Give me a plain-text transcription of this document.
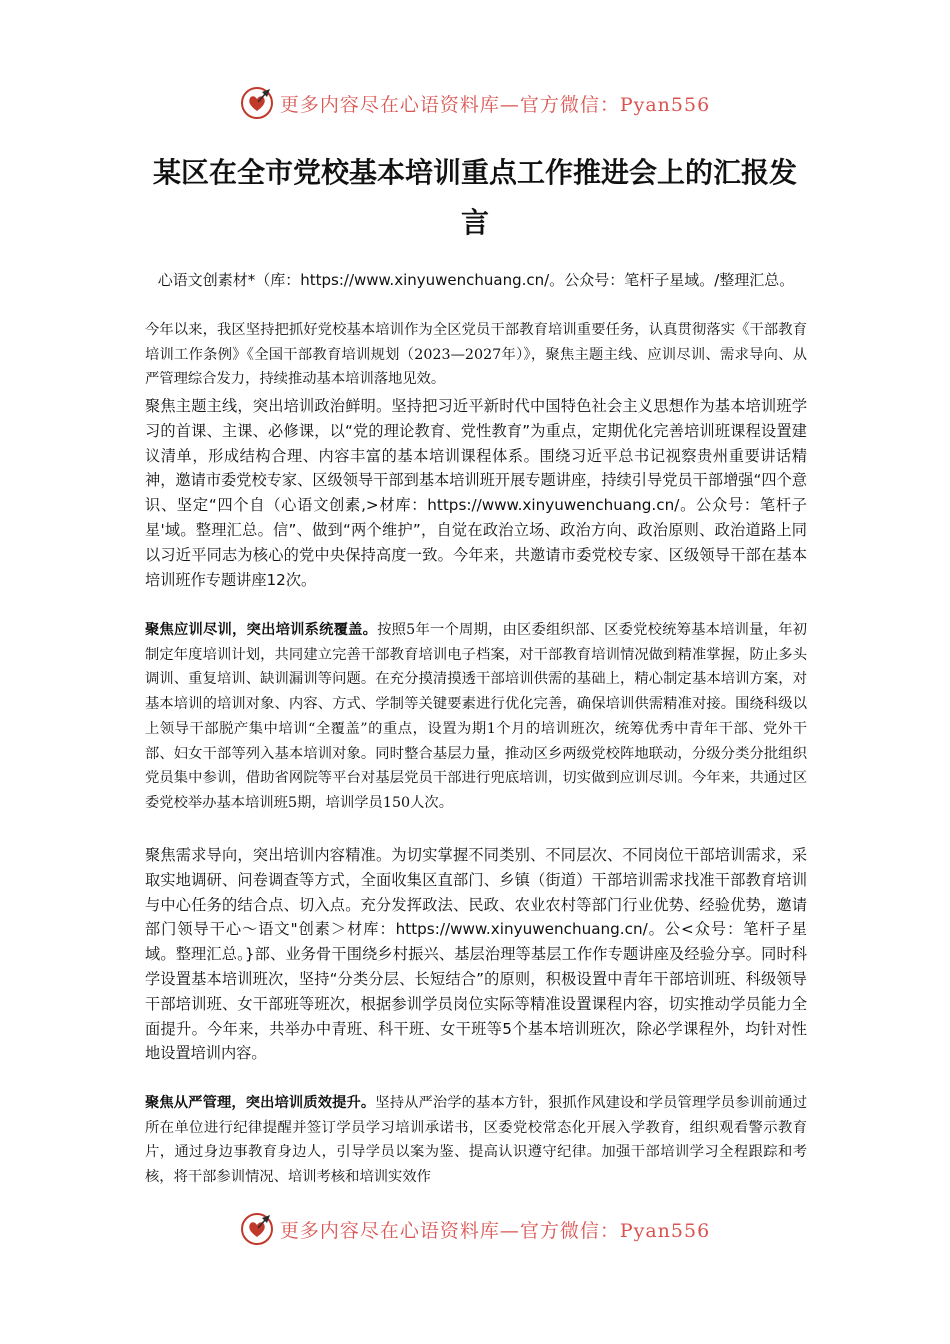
更多内容尽在心语资料库—官方微信：Pyan556
某区在全市党校基本培训重点工作推进会上的汇报发言

心语文创素材*（库：https://www.xinyuwenchuang.cn/。公众号：笔杆子星域。/整理汇总。

今年以来，我区坚持把抓好党校基本培训作为全区党员干部教育培训重要任务，认真贯彻落实《干部教育培训工作条例》《全国干部教育培训规划（2023—2027年）》，聚焦主题主线、应训尽训、需求导向、从严管理综合发力，持续推动基本培训落地见效。

聚焦主题主线，突出培训政治鲜明。坚持把习近平新时代中国特色社会主义思想作为基本培训班学习的首课、主课、必修课，以“党的理论教育、党性教育”为重点，定期优化完善培训班课程设置建议清单，形成结构合理、内容丰富的基本培训课程体系。围绕习近平总书记视察贵州重要讲话精神，邀请市委党校专家、区级领导干部到基本培训班开展专题讲座，持续引导党员干部增强“四个意识、坚定“四个自（心语文创素,>材库：https://www.xinyuwenchuang.cn/。公众号：笔杆子星'域。整理汇总。信”、做到“两个维护”，自觉在政治立场、政治方向、政治原则、政治道路上同以习近平同志为核心的党中央保持高度一致。今年来，共邀请市委党校专家、区级领导干部在基本培训班作专题讲座12次。

聚焦应训尽训，突出培训系统覆盖。按照5年一个周期，由区委组织部、区委党校统筹基本培训量，年初制定年度培训计划，共同建立完善干部教育培训电子档案，对干部教育培训情况做到精准掌握，防止多头调训、重复培训、缺训漏训等问题。在充分摸清摸透干部培训供需的基础上，精心制定基本培训方案，对基本培训的培训对象、内容、方式、学制等关键要素进行优化完善，确保培训供需精准对接。围绕科级以上领导干部脱产集中培训“全覆盖”的重点，设置为期1个月的培训班次，统筹优秀中青年干部、党外干部、妇女干部等列入基本培训对象。同时整合基层力量，推动区乡两级党校阵地联动，分级分类分批组织党员集中参训，借助省网院等平台对基层党员干部进行兜底培训，切实做到应训尽训。今年来，共通过区委党校举办基本培训班5期，培训学员150人次。

聚焦需求导向，突出培训内容精准。为切实掌握不同类别、不同层次、不同岗位干部培训需求，采取实地调研、问卷调查等方式，全面收集区直部门、乡镇（街道）干部培训需求找准干部教育培训与中心任务的结合点、切入点。充分发挥政法、民政、农业农村等部门行业优势、经验优势，邀请部门领导干心～语文"创素＞材库：https://www.xinyuwenchuang.cn/。公<众号：笔杆子星域。整理汇总。}部、业务骨干围绕乡村振兴、基层治理等基层工作作专题讲座及经验分享。同时科学设置基本培训班次，坚持“分类分层、长短结合”的原则，积极设置中青年干部培训班、科级领导干部培训班、女干部班等班次，根据参训学员岗位实际等精准设置课程内容，切实推动学员能力全面提升。今年来，共举办中青班、科干班、女干班等5个基本培训班次，除必学课程外，均针对性地设置培训内容。

聚焦从严管理，突出培训质效提升。坚持从严治学的基本方针，狠抓作风建设和学员管理学员参训前通过所在单位进行纪律提醒并签订学员学习培训承诺书，区委党校常态化开展入学教育，组织观看警示教育片，通过身边事教育身边人，引导学员以案为鉴、提高认识遵守纪律。加强干部培训学习全程跟踪和考核，将干部参训情况、培训考核和培训实效作

更多内容尽在心语资料库—官方微信：Pyan556
